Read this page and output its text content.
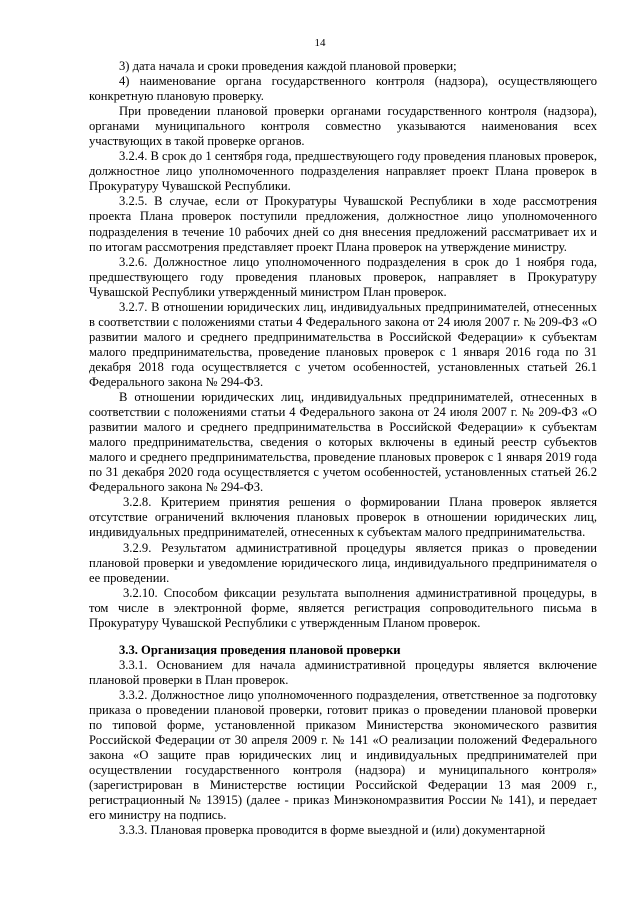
14

3) дата начала и сроки проведения каждой плановой проверки;

4) наименование органа государственного контроля (надзора), осуществляющего конкретную плановую проверку.

При проведении плановой проверки органами государственного контроля (надзора), органами муниципального контроля совместно указываются наименования всех участвующих в такой проверке органов.

3.2.4. В срок до 1 сентября года, предшествующего году проведения плановых проверок, должностное лицо уполномоченного подразделения направляет проект Плана проверок в Прокуратуру Чувашской Республики.

3.2.5. В случае, если от Прокуратуры Чувашской Республики в ходе рассмотрения проекта Плана проверок поступили предложения, должностное лицо уполномоченного подразделения в течение 10 рабочих дней со дня внесения предложений рассматривает их и по итогам рассмотрения представляет проект Плана проверок на утверждение министру.

3.2.6. Должностное лицо уполномоченного подразделения в срок до 1 ноября года, предшествующего году проведения плановых проверок, направляет в Прокуратуру Чувашской Республики утвержденный министром План проверок.

3.2.7. В отношении юридических лиц, индивидуальных предпринимателей, отнесенных в соответствии с положениями статьи 4 Федерального закона от 24 июля 2007 г. № 209-ФЗ «О развитии малого и среднего предпринимательства в Российской Федерации» к субъектам малого предпринимательства, проведение плановых проверок с 1 января 2016 года по 31 декабря 2018 года осуществляется с учетом особенностей, установленных статьей 26.1 Федерального закона № 294-ФЗ.

В отношении юридических лиц, индивидуальных предпринимателей, отнесенных в соответствии с положениями статьи 4 Федерального закона от 24 июля 2007 г. № 209-ФЗ «О развитии малого и среднего предпринимательства в Российской Федерации» к субъектам малого предпринимательства, сведения о которых включены в единый реестр субъектов малого и среднего предпринимательства, проведение плановых проверок с 1 января 2019 года по 31 декабря 2020 года осуществляется с учетом особенностей, установленных статьей 26.2 Федерального закона № 294-ФЗ.

3.2.8. Критерием принятия решения о формировании Плана проверок является отсутствие ограничений включения плановых проверок в отношении юридических лиц, индивидуальных предпринимателей, отнесенных к субъектам малого предпринимательства.

3.2.9. Результатом административной процедуры является приказ о проведении плановой проверки и уведомление юридического лица, индивидуального предпринимателя о ее проведении.

3.2.10. Способом фиксации результата выполнения административной процедуры, в том числе в электронной форме, является регистрация сопроводительного письма в Прокуратуру Чувашской Республики с утвержденным Планом проверок.

3.3. Организация проведения плановой проверки

3.3.1. Основанием для начала административной процедуры является включение плановой проверки в План проверок.

3.3.2. Должностное лицо уполномоченного подразделения, ответственное за подготовку приказа о проведении плановой проверки, готовит приказ о проведении плановой проверки по типовой форме, установленной приказом Министерства экономического развития Российской Федерации от 30 апреля 2009 г. № 141 «О реализации положений Федерального закона «О защите прав юридических лиц и индивидуальных предпринимателей при осуществлении государственного контроля (надзора) и муниципального контроля» (зарегистрирован в Министерстве юстиции Российской Федерации 13 мая 2009 г., регистрационный № 13915) (далее - приказ Минэкономразвития России № 141), и передает его министру на подпись.

3.3.3. Плановая проверка проводится в форме выездной и (или) документарной
